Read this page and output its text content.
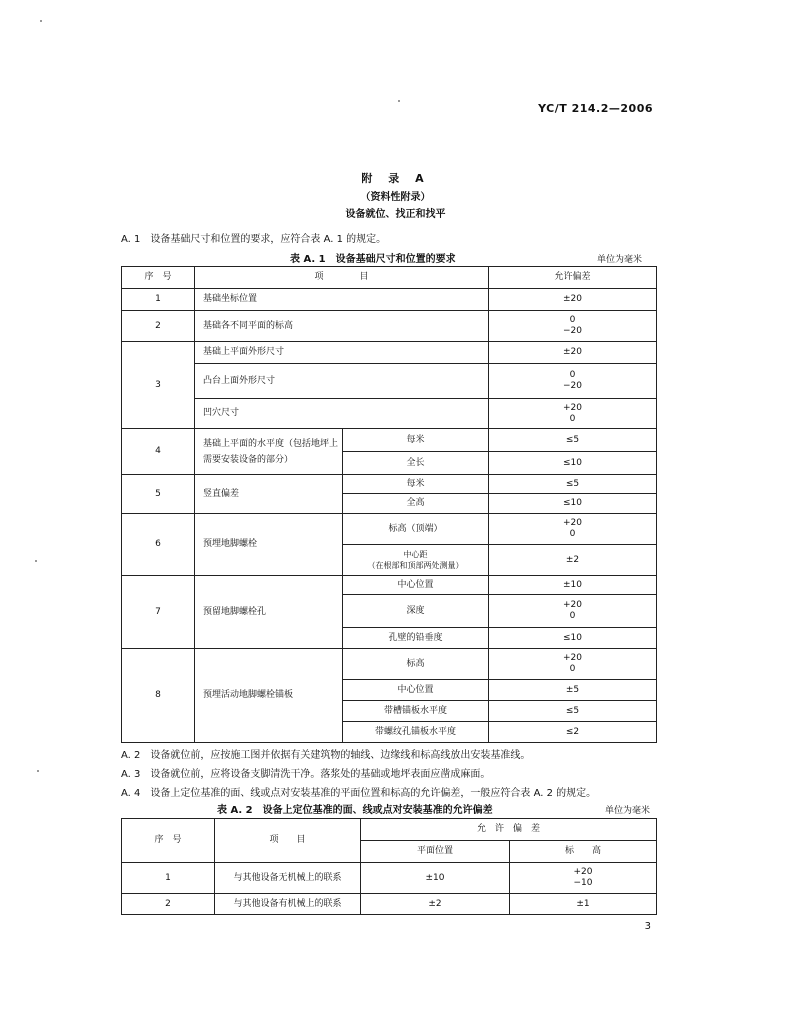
YC/T 214.2—2006
附 录 A
（资料性附录）
设备就位、找正和找平
A. 1　设备基础尺寸和位置的要求，应符合表 A. 1 的规定。
表 A. 1　设备基础尺寸和位置的要求	单位为毫米
序　号	项　　　　目		允许偏差
1	基础坐标位置		±20
2	基础各不同平面的标高		0
−20
3	基础上平面外形尺寸		±20
	凸台上面外形尺寸		0
−20
	凹穴尺寸		+20
0
4	基础上平面的水平度（包括地坪上需要安装设备的部分）	每米	≤5
		全长	≤10
5	竖直偏差	每米	≤5
		全高	≤10
6	预埋地脚螺栓	标高（顶端）	+20
0
		中心距
（在根部和顶部两处测量）	±2
7	预留地脚螺栓孔	中心位置	±10
		深度	+20
0
		孔壁的铅垂度	≤10
8	预埋活动地脚螺栓锚板	标高	+20
0
		中心位置	±5
		带槽锚板水平度	≤5
		带螺纹孔锚板水平度	≤2
A. 2　设备就位前，应按施工图并依据有关建筑物的轴线、边缘线和标高线放出安装基准线。
A. 3　设备就位前，应将设备支脚清洗干净。落浆处的基础或地坪表面应凿成麻面。
A. 4　设备上定位基准的面、线或点对安装基准的平面位置和标高的允许偏差，一般应符合表 A. 2 的规定。
表 A. 2　设备上定位基准的面、线或点对安装基准的允许偏差	单位为毫米
序　号	项　　目	允　许　偏　差	
		平面位置	标　　高
1	与其他设备无机械上的联系	±10	+20
−10
2	与其他设备有机械上的联系	±2	±1
3
